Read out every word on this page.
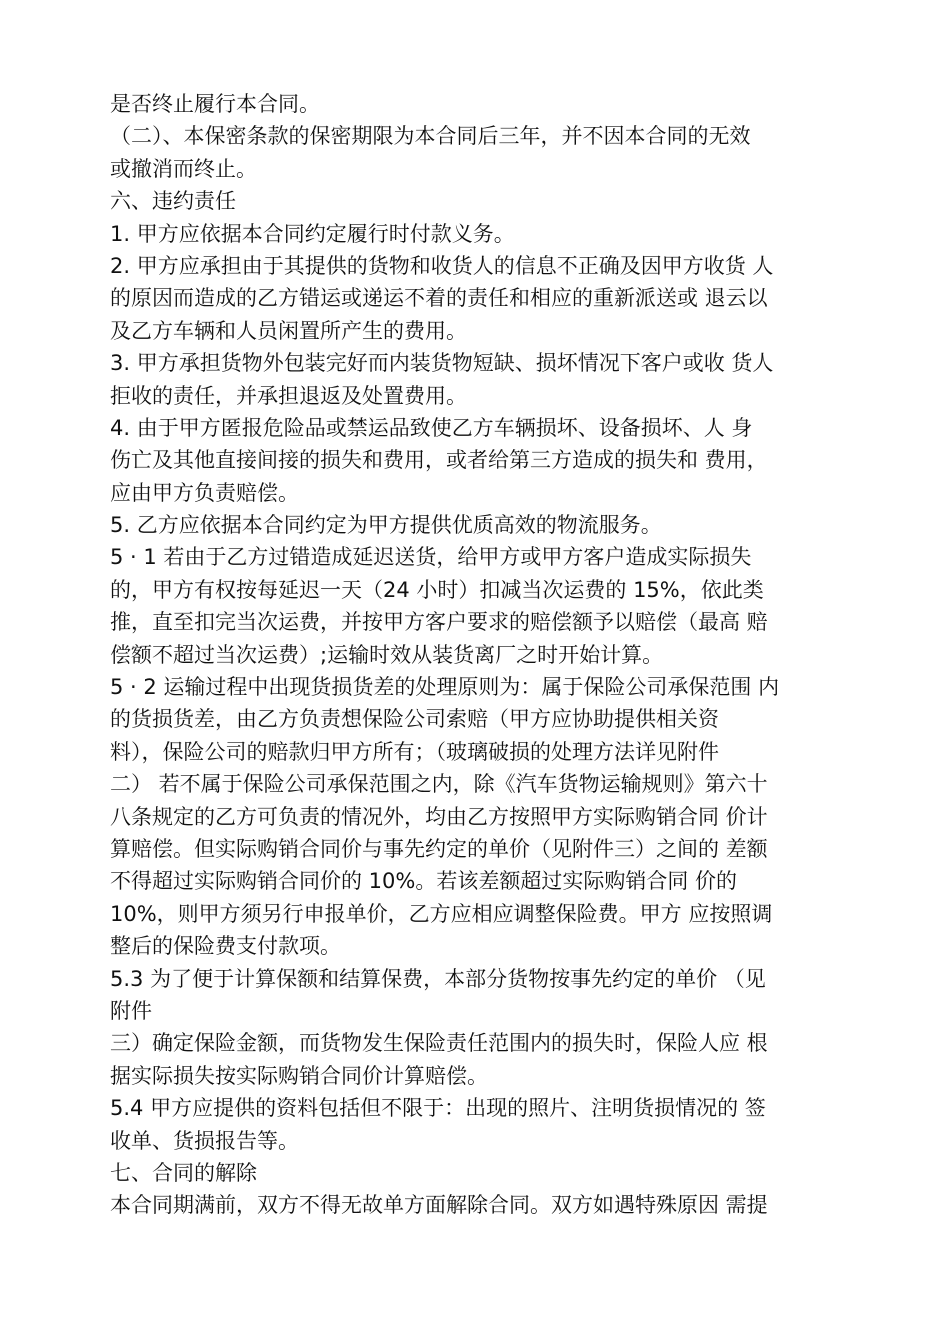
是否终止履行本合同。
（二）、本保密条款的保密期限为本合同后三年，并不因本合同的无效
或撤消而终止。
六、违约责任
1. 甲方应依据本合同约定履行时付款义务。
2. 甲方应承担由于其提供的货物和收货人的信息不正确及因甲方收货 人
的原因而造成的乙方错运或递运不着的责任和相应的重新派送或 退云以
及乙方车辆和人员闲置所产生的费用。
3. 甲方承担货物外包装完好而内装货物短缺、损坏情况下客户或收 货人
拒收的责任，并承担退返及处置费用。
4. 由于甲方匿报危险品或禁运品致使乙方车辆损坏、设备损坏、人 身
伤亡及其他直接间接的损失和费用，或者给第三方造成的损失和 费用，
应由甲方负责赔偿。
5. 乙方应依据本合同约定为甲方提供优质高效的物流服务。
5 · 1 若由于乙方过错造成延迟送货，给甲方或甲方客户造成实际损失
的，甲方有权按每延迟一天（24 小时）扣减当次运费的 15%，依此类
推，直至扣完当次运费，并按甲方客户要求的赔偿额予以赔偿（最高 赔
偿额不超过当次运费）;运输时效从装货离厂之时开始计算。
5 · 2 运输过程中出现货损货差的处理原则为：属于保险公司承保范围 内
的货损货差，由乙方负责想保险公司索赔（甲方应协助提供相关资
料），保险公司的赔款归甲方所有；（玻璃破损的处理方法详见附件
二） 若不属于保险公司承保范围之内，除《汽车货物运输规则》第六十
八条规定的乙方可负责的情况外，均由乙方按照甲方实际购销合同 价计
算赔偿。但实际购销合同价与事先约定的单价（见附件三）之间的 差额
不得超过实际购销合同价的 10%。若该差额超过实际购销合同 价的
10%，则甲方须另行申报单价，乙方应相应调整保险费。甲方 应按照调
整后的保险费支付款项。
5.3 为了便于计算保额和结算保费，本部分货物按事先约定的单价 （见
附件
三）确定保险金额，而货物发生保险责任范围内的损失时，保险人应 根
据实际损失按实际购销合同价计算赔偿。
5.4 甲方应提供的资料包括但不限于：出现的照片、注明货损情况的 签
收单、货损报告等。
七、合同的解除
本合同期满前，双方不得无故单方面解除合同。双方如遇特殊原因 需提
